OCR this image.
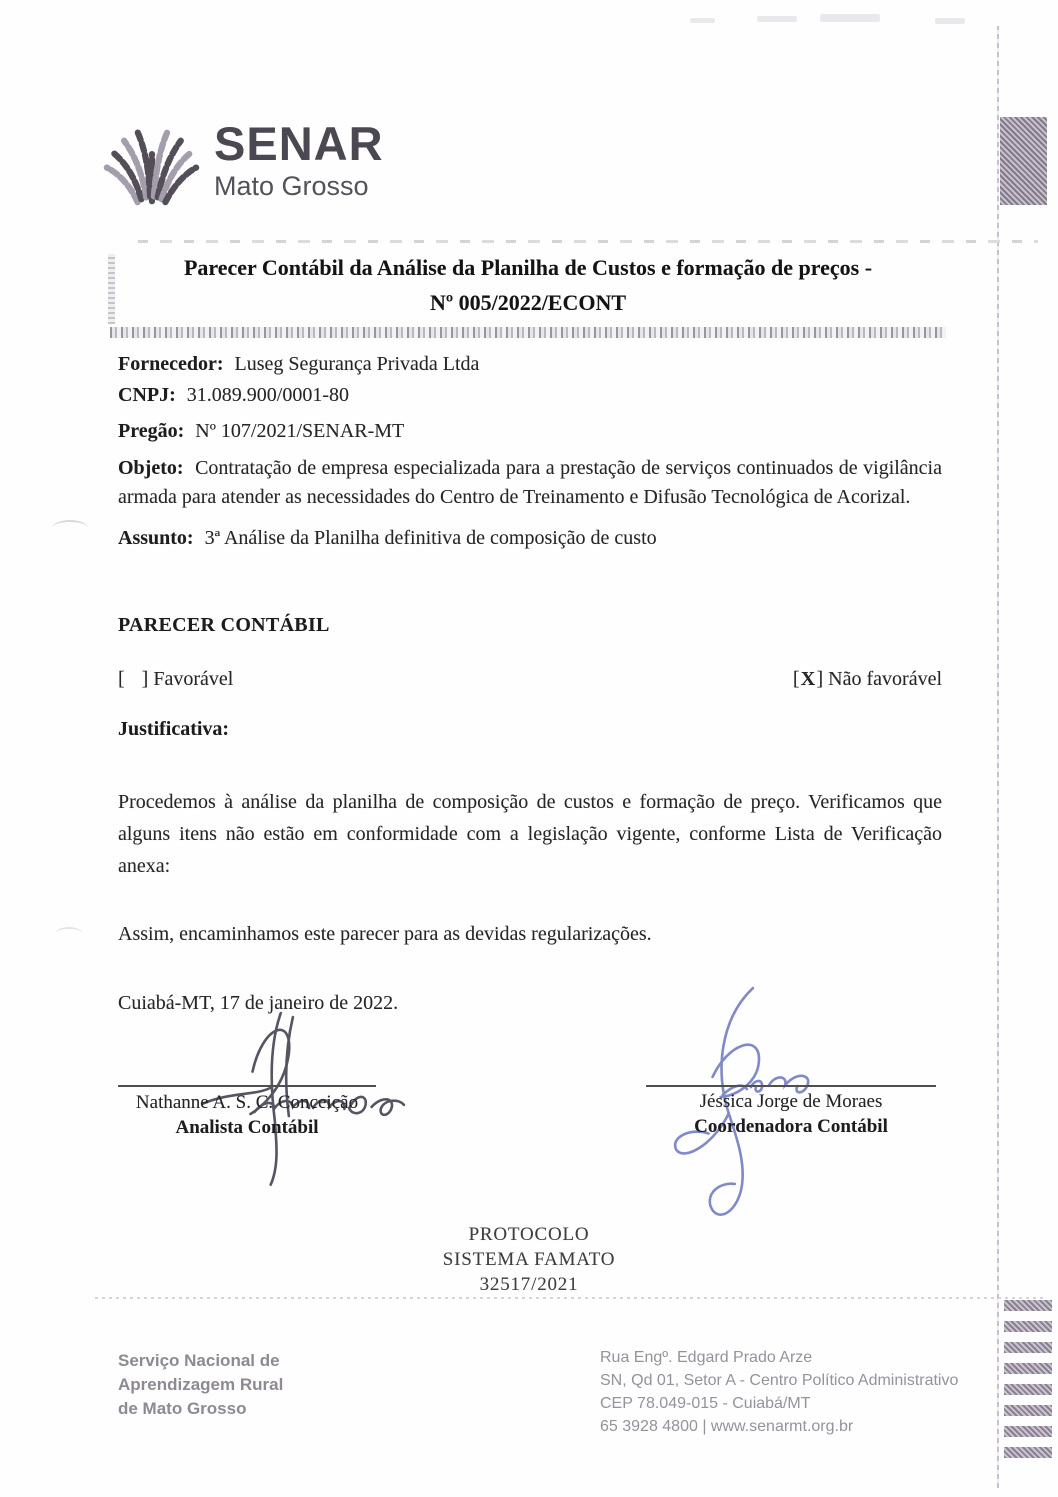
SENAR
Mato Grosso
Parecer Contábil da Análise da Planilha de Custos e formação de preços -
Nº 005/2022/ECONT

Fornecedor: Luseg Segurança Privada Ltda

CNPJ: 31.089.900/0001-80

Pregão: Nº 107/2021/SENAR-MT

Objeto: Contratação de empresa especializada para a prestação de serviços continuados de vigilância armada para atender as necessidades do Centro de Treinamento e Difusão Tecnológica de Acorizal.

Assunto: 3ª Análise da Planilha definitiva de composição de custo

PARECER CONTÁBIL
[ ] Favorável	[X] Não favorável
Justificativa:

Procedemos à análise da planilha de composição de custos e formação de preço. Verificamos que alguns itens não estão em conformidade com a legislação vigente, conforme Lista de Verificação anexa:

Assim, encaminhamos este parecer para as devidas regularizações.

Cuiabá-MT, 17 de janeiro de 2022.

Nathanne A. S. C. Conceição
Analista Contábil
Jéssica Jorge de Moraes
Coordenadora Contábil
PROTOCOLO
SISTEMA FAMATO
32517/2021
Serviço Nacional de
Aprendizagem Rural
de Mato Grosso
Rua Engº. Edgard Prado Arze
SN, Qd 01, Setor A - Centro Político Administrativo
CEP 78.049-015 - Cuiabá/MT
65 3928 4800 | www.senarmt.org.br
